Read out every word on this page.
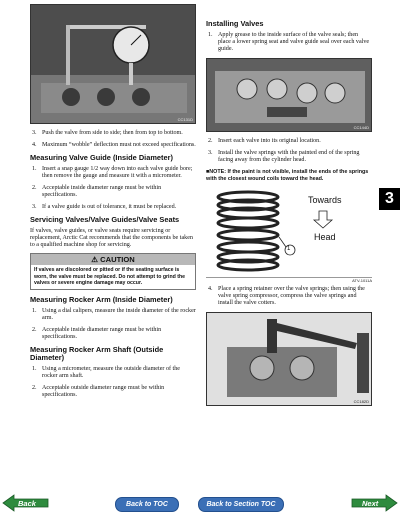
CC131D
3. Push the valve from side to side; then from top to bottom.
4. Maximum “wobble” deflection must not exceed specifications.
Measuring Valve Guide (Inside Diameter)
1. Insert a snap gauge 1/2 way down into each valve guide bore; then remove the gauge and measure it with a micrometer.
2. Acceptable inside diameter range must be within specifications.
3. If a valve guide is out of tolerance, it must be replaced.
Servicing Valves/Valve Guides/Valve Seats

If valves, valve guides, or valve seats require servicing or replacement, Arctic Cat recommends that the components be taken to a qualified machine shop for servicing.

⚠ CAUTION
If valves are discolored or pitted or if the seating surface is worn, the valve must be replaced. Do not attempt to grind the valves or severe engine damage may occur.
Measuring Rocker Arm (Inside Diameter)
1. Using a dial calipers, measure the inside diameter of the rocker arm.
2. Acceptable inside diameter range must be within specifications.
Measuring Rocker Arm Shaft (Outside Diameter)
1. Using a micrometer, measure the outside diameter of the rocker arm shaft.
2. Acceptable outside diameter range must be within specifications.
Installing Valves
1. Apply grease to the inside surface of the valve seals; then place a lower spring seat and valve guide seal over each valve guide.
CC144D
2. Insert each valve into its original location.
3. Install the valve springs with the painted end of the spring facing away from the cylinder head.

■NOTE: If the paint is not visible, install the ends of the springs with the closest wound coils toward the head.

1
Towards
Head
ATV-1011A
4. Place a spring retainer over the valve springs; then using the valve spring compressor, compress the valve springs and install the valve cotters.
CC182D
3
Back	Back to TOC	Back to Section TOC	Next
